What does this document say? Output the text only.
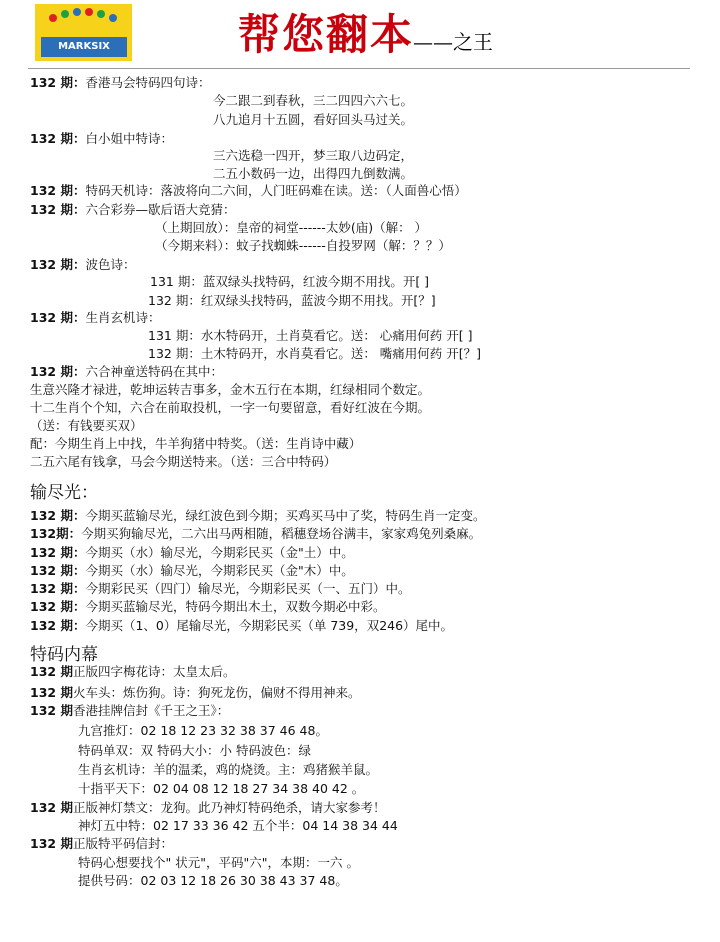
MARKSIX	帮您翻本
——之王
132 期：香港马会特码四句诗：
今二跟二到春秋，三二四四六六七。
八九追月十五圆，看好回头马过关。
132 期：白小姐中特诗：
三六选稳一四开，梦三取八边码定，
二五小数码一边，出得四九倒数满。
132 期：特码天机诗：落波将向二六间，人门旺码难在读。送：（人面兽心悟）
132 期：六合彩券—歇后语大竞猜：
（上期回放）：皇帝的祠堂------太妙(庙)（解： ）
（今期来料）：蚊子找蜘蛛------自投罗网（解：？？）
132 期：波色诗：
131 期：蓝双绿头找特码，红波今期不用找。开[ ]
132 期：红双绿头找特码，蓝波今期不用找。开[？]
132 期：生肖玄机诗：
131 期：水木特码开，土肖莫看它。送： 心痛用何药 开[ ]
132 期：土木特码开，水肖莫看它。送： 嘴痛用何药 开[？]
132 期：六合神童送特码在其中：
生意兴隆才禄进，乾坤运转吉事多，金木五行在本期，红绿相同个数定。
十二生肖个个知，六合在前取投机，一字一句要留意，看好红波在今期。
（送：有钱要买双）
配：今期生肖上中找，牛羊狗猪中特奖。（送：生肖诗中藏）
二五六尾有钱拿，马会今期送特来。（送：三合中特码）
输尽光：
132 期：今期买蓝输尽光，绿红波色到今期；买鸡买马中了奖，特码生肖一定变。
132期：今期买狗输尽光，二六出马两相随，稻穗登场谷满丰，家家鸡兔列桑麻。
132 期：今期买（水）输尽光，今期彩民买（金"土）中。
132 期：今期买（水）输尽光，今期彩民买（金"木）中。
132 期：今期彩民买（四门）输尽光，今期彩民买（一、五门）中。
132 期：今期买蓝输尽光，特码今期出木土，双数今期必中彩。
132 期：今期买（1、0）尾输尽光，今期彩民买（单 739，双246）尾中。
特码内幕
132 期正版四字梅花诗：太皇太后。
132 期火车头：炼伤狗。诗：狗死龙伤，偏财不得用神来。
132 期香港挂牌信封《千王之王》：
九宫推灯：02 18 12 23 32 38 37 46 48。
特码单双：双 特码大小：小 特码波色：绿
生肖玄机诗：羊的温柔，鸡的烧烫。主：鸡猪猴羊鼠。
十指平天下：02 04 08 12 18 27 34 38 40 42 。
132 期正版神灯禁文：龙狗。此乃神灯特码绝杀，请大家参考！
神灯五中特：02 17 33 36 42 五个半：04 14 38 34 44
132 期正版特平码信封：
特码心想要找个" 状元"，平码"六"，本期：一六 。
提供号码：02 03 12 18 26 30 38 43 37 48。
